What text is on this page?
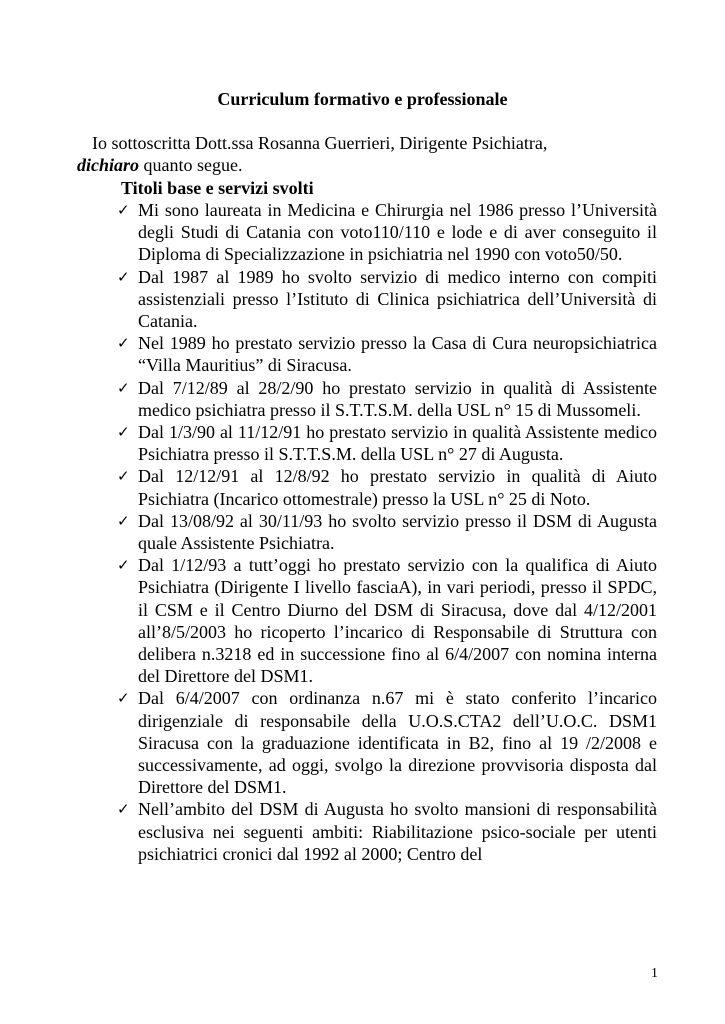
Curriculum formativo e professionale
Io sottoscritta Dott.ssa Rosanna Guerrieri, Dirigente Psichiatra,
dichiaro quanto segue.
Titoli base e servizi svolti
✓ Mi sono laureata in Medicina e Chirurgia nel 1986 presso l’Università degli Studi di Catania con voto110/110 e lode e di aver conseguito il Diploma di Specializzazione in psichiatria nel 1990 con voto50/50.
✓ Dal 1987 al 1989 ho svolto servizio di medico interno con compiti assistenziali presso l’Istituto di Clinica psichiatrica dell’Università di Catania.
✓ Nel 1989 ho prestato servizio presso la Casa di Cura neuropsichiatrica “Villa Mauritius” di Siracusa.
✓ Dal 7/12/89 al 28/2/90 ho prestato servizio in qualità di Assistente medico psichiatra presso il S.T.T.S.M. della USL n° 15 di Mussomeli.
✓ Dal 1/3/90 al 11/12/91 ho prestato servizio in qualità Assistente medico Psichiatra presso il S.T.T.S.M. della USL n° 27 di Augusta.
✓ Dal 12/12/91 al 12/8/92 ho prestato servizio in qualità di Aiuto Psichiatra (Incarico ottomestrale) presso la USL n° 25 di Noto.
✓ Dal 13/08/92 al 30/11/93 ho svolto servizio presso il DSM di Augusta quale Assistente Psichiatra.
✓ Dal 1/12/93 a tutt’oggi ho prestato servizio con la qualifica di Aiuto Psichiatra (Dirigente I livello fasciaA), in vari periodi, presso il SPDC, il CSM e il Centro Diurno del DSM di Siracusa, dove dal 4/12/2001 all’8/5/2003 ho ricoperto l’incarico di Responsabile di Struttura con delibera n.3218 ed in successione fino al 6/4/2007 con nomina interna del Direttore del DSM1.
✓ Dal 6/4/2007 con ordinanza n.67 mi è stato conferito l’incarico dirigenziale di responsabile della U.O.S.CTA2 dell’U.O.C. DSM1 Siracusa con la graduazione identificata in B2, fino al 19 /2/2008 e successivamente, ad oggi, svolgo la direzione provvisoria disposta dal Direttore del DSM1.
✓ Nell’ambito del DSM di Augusta ho svolto mansioni di responsabilità esclusiva nei seguenti ambiti: Riabilitazione psico-sociale per utenti psichiatrici cronici dal 1992 al 2000; Centro del
1
